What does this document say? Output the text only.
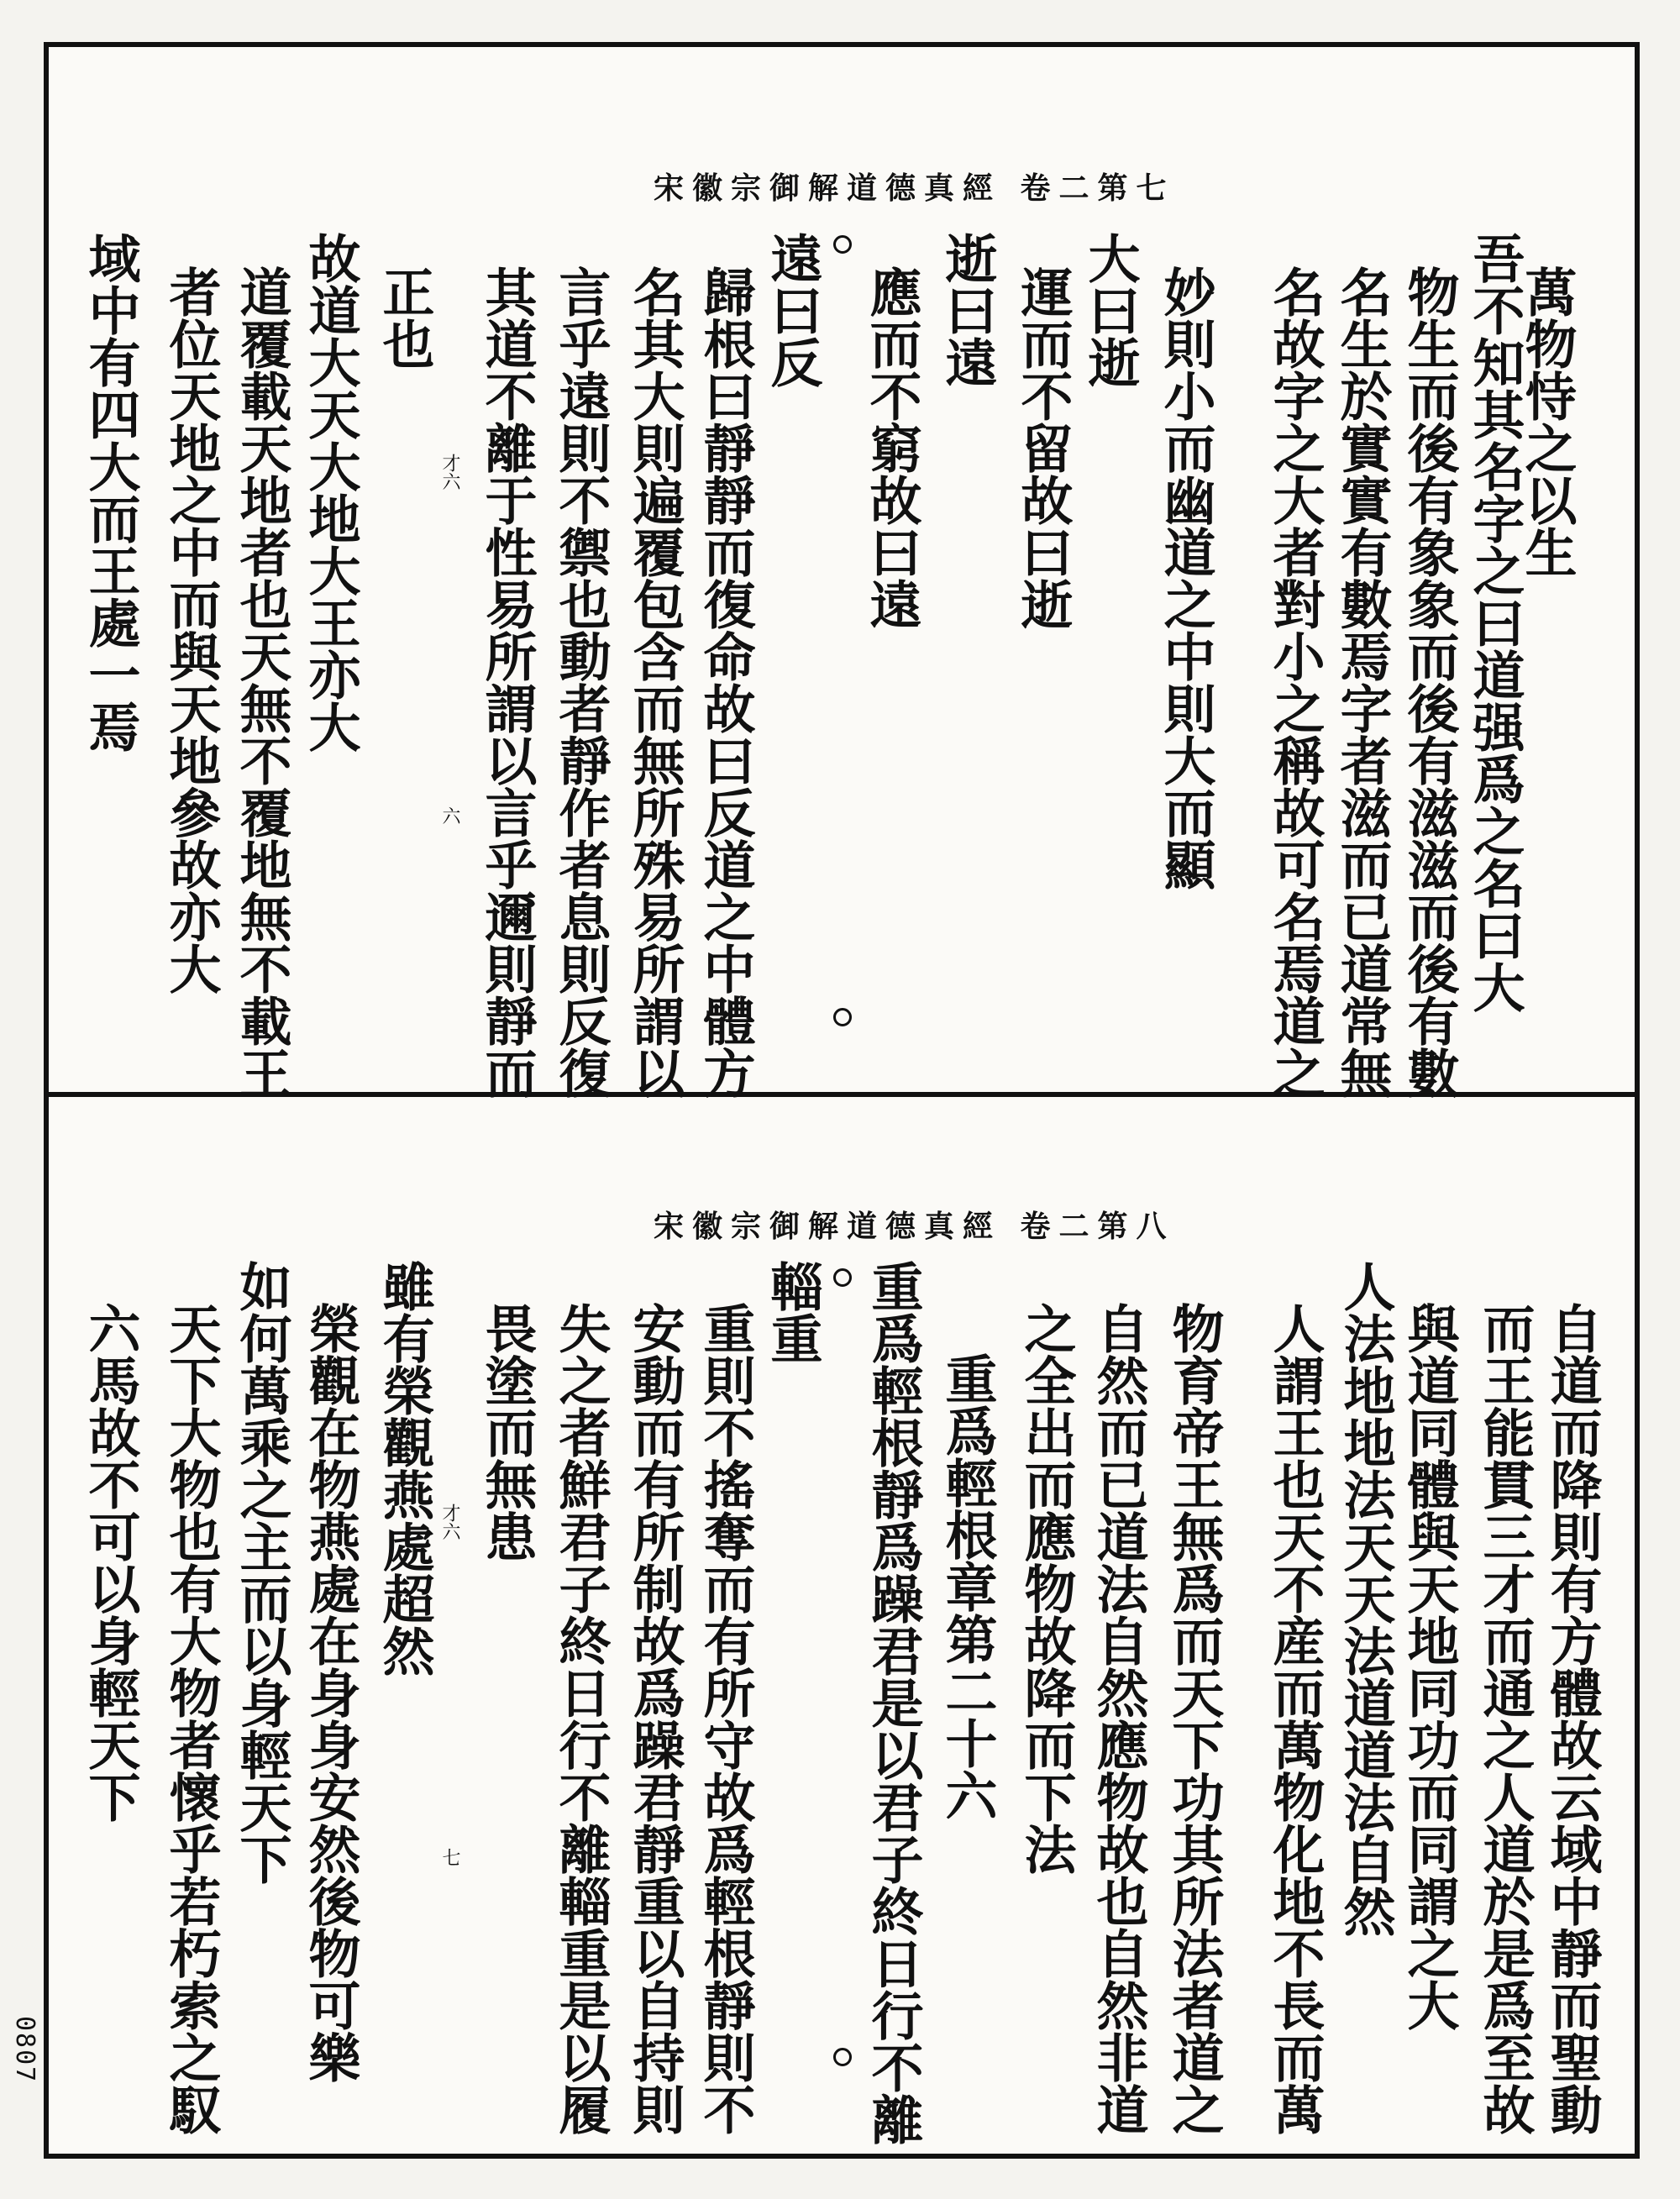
宋徽宗御解道德真經 卷二第七
萬物恃之以生
吾不知其名字之曰道强爲之名曰大
物生而後有象象而後有滋滋而後有數
名生於實實有數焉字者滋而已道常無
名故字之大者對小之稱故可名焉道之
妙則小而幽道之中則大而顯
大曰逝
運而不留故曰逝
逝曰遠
應而不窮故曰遠
遠曰反
歸根曰靜靜而復命故曰反道之中體方
名其大則遍覆包含而無所殊易所謂以
言乎遠則不禦也動者靜作者息則反復
其道不離于性易所謂以言乎邇則靜而
正也
故道大天大地大王亦大
道覆載天地者也天無不覆地無不載王
者位天地之中而與天地參故亦大
域中有四大而王處一焉	才六
六
宋徽宗御解道德真經 卷二第八
自道而降則有方體故云域中靜而聖動
而王能貫三才而通之人道於是爲至故
與道同體與天地同功而同謂之大
人法地地法天天法道道法自然
人謂王也天不産而萬物化地不長而萬
物育帝王無爲而天下功其所法者道之
自然而已道法自然應物故也自然非道
之全出而應物故降而下法
重爲輕根章第二十六
重爲輕根靜爲躁君是以君子終日行不離
輜重
重則不搖奪而有所守故爲輕根靜則不
安動而有所制故爲躁君靜重以自持則
失之者鮮君子終日行不離輜重是以履
畏塗而無患
雖有榮觀燕處超然
榮觀在物燕處在身身安然後物可樂
如何萬乘之主而以身輕天下
天下大物也有大物者懷乎若朽索之馭
六馬故不可以身輕天下	才六
七
0807
